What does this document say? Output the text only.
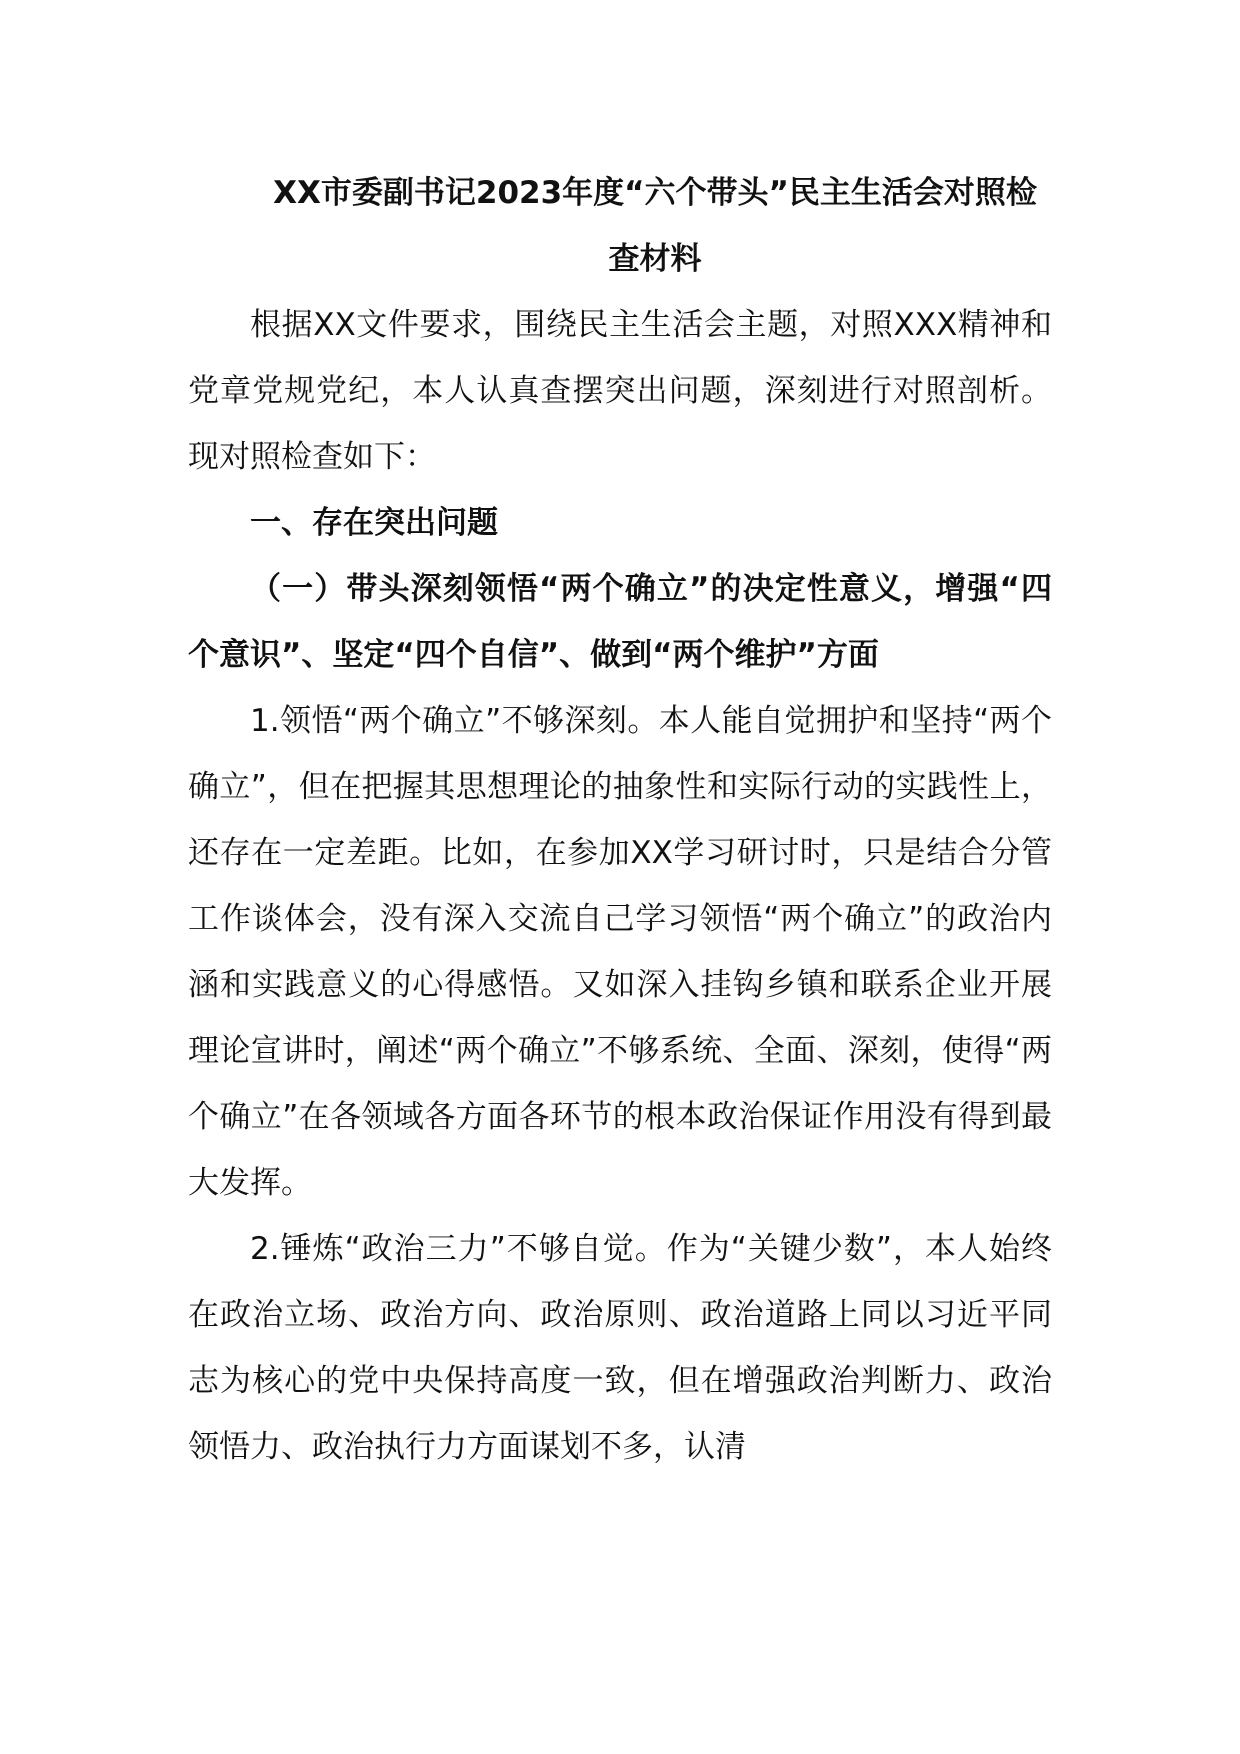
XX市委副书记2023年度“六个带头”民主生活会对照检查材料

根据XX文件要求，围绕民主生活会主题，对照XXX精神和党章党规党纪，本人认真查摆突出问题，深刻进行对照剖析。现对照检查如下：

一、存在突出问题

（一）带头深刻领悟“两个确立”的决定性意义，增强“四个意识”、坚定“四个自信”、做到“两个维护”方面

1.领悟“两个确立”不够深刻。本人能自觉拥护和坚持“两个确立”，但在把握其思想理论的抽象性和实际行动的实践性上，还存在一定差距。比如，在参加XX学习研讨时，只是结合分管工作谈体会，没有深入交流自己学习领悟“两个确立”的政治内涵和实践意义的心得感悟。又如深入挂钩乡镇和联系企业开展理论宣讲时，阐述“两个确立”不够系统、全面、深刻，使得“两个确立”在各领域各方面各环节的根本政治保证作用没有得到最大发挥。

2.锤炼“政治三力”不够自觉。作为“关键少数”，本人始终在政治立场、政治方向、政治原则、政治道路上同以习近平同志为核心的党中央保持高度一致，但在增强政治判断力、政治领悟力、政治执行力方面谋划不多，认清
